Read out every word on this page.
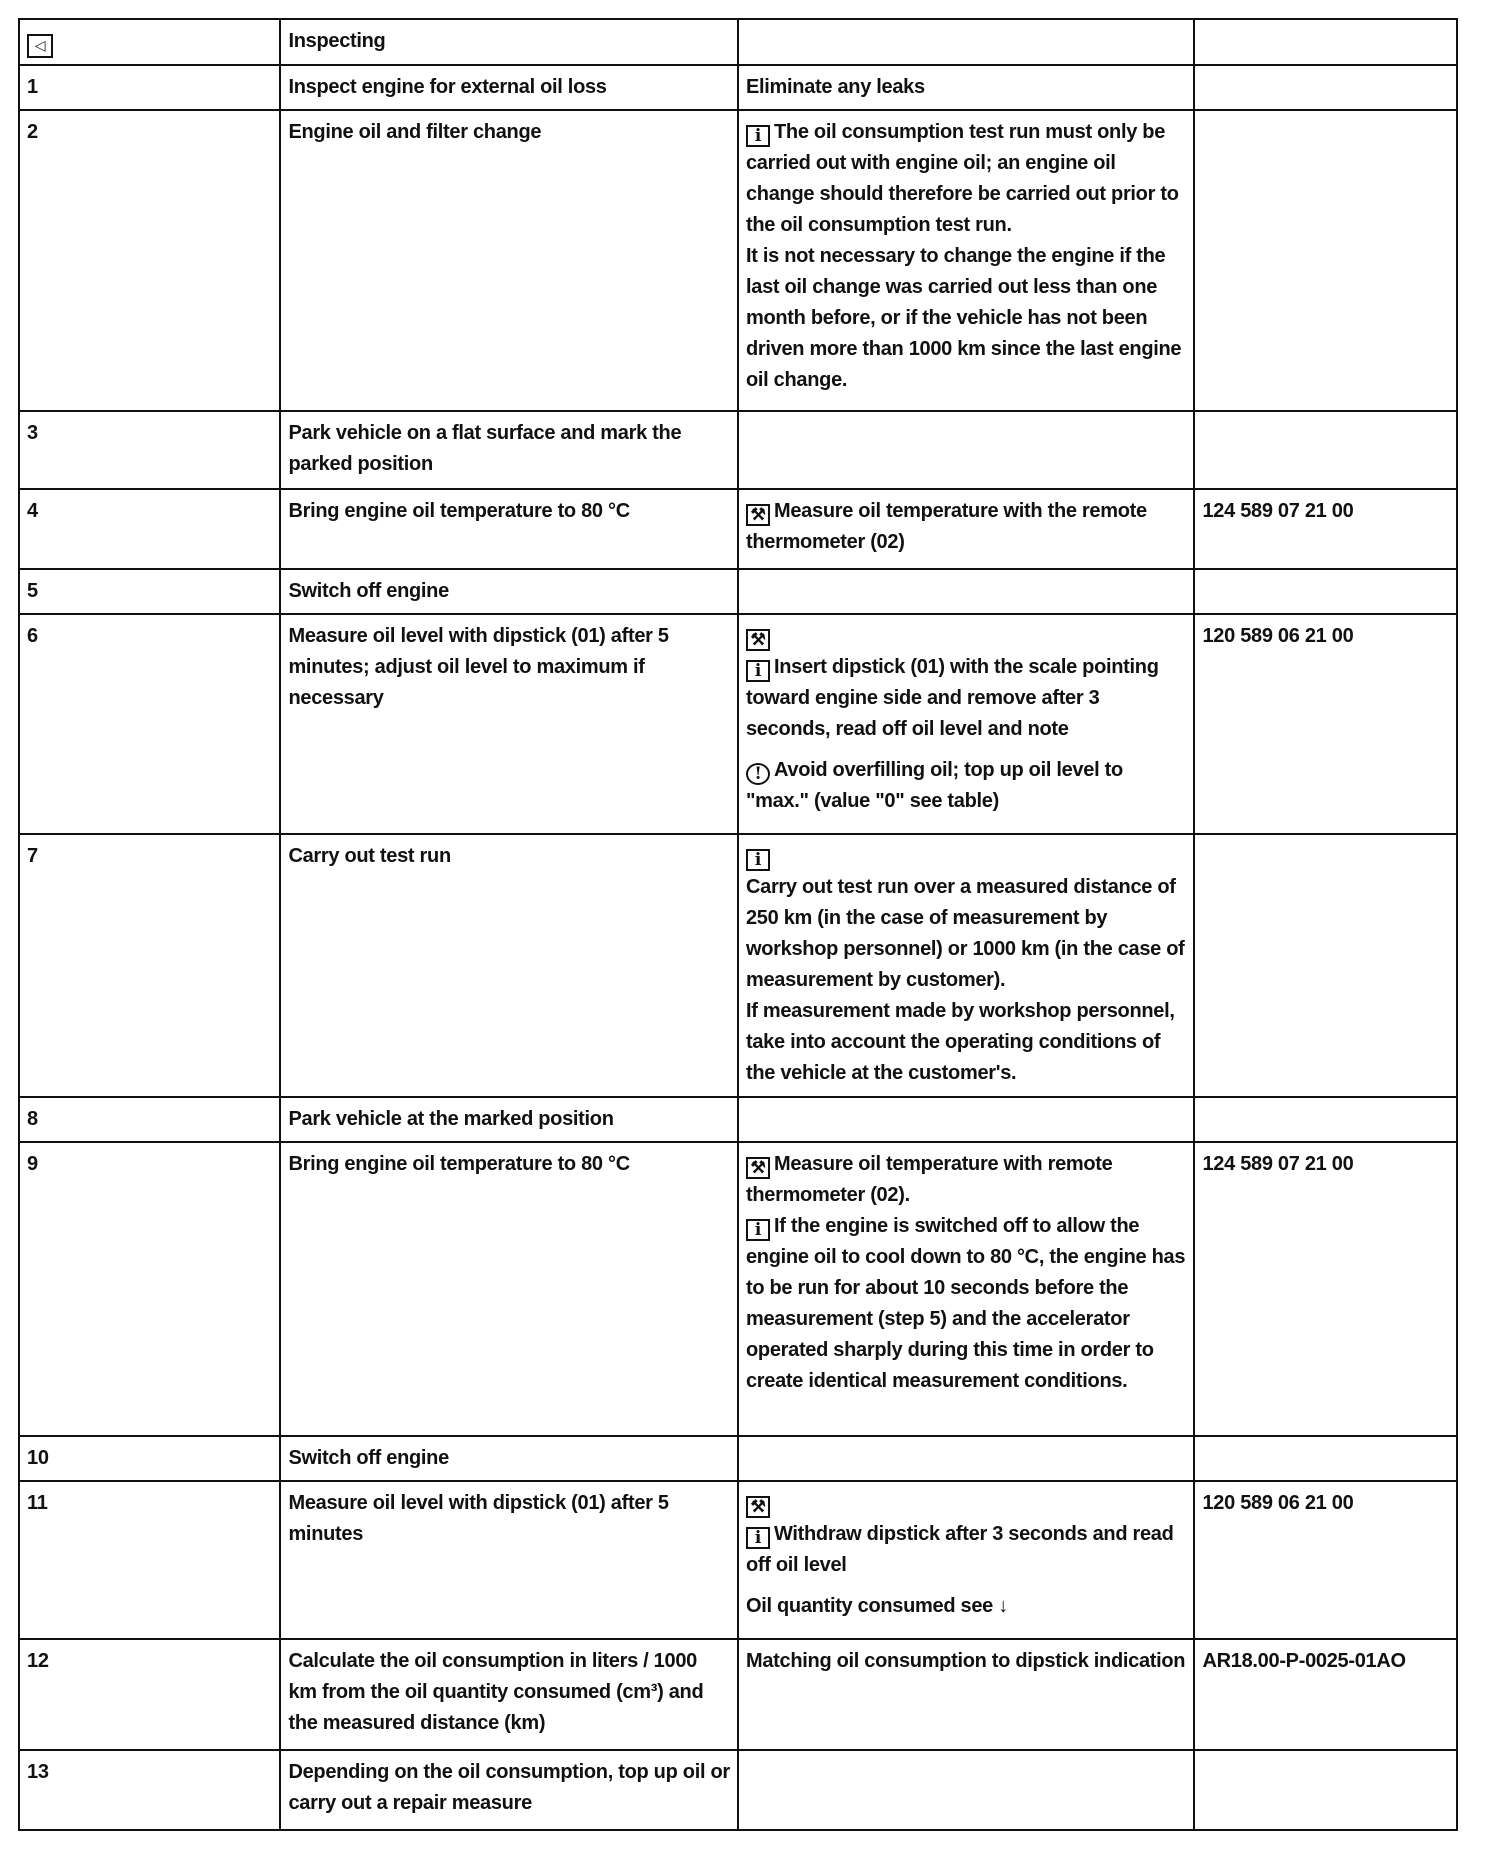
◁	Inspecting		
1	Inspect engine for external oil loss	Eliminate any leaks	
2	Engine oil and filter change	i The oil consumption test run must only be carried out with engine oil; an engine oil change should therefore be carried out prior to the oil consumption test run.
It is not necessary to change the engine if the last oil change was carried out less than one month before, or if the vehicle has not been driven more than 1000 km since the last engine oil change.	

3	Park vehicle on a flat surface and mark the parked position		
4	Bring engine oil temperature to 80 °C	⚒ Measure oil temperature with the remote thermometer (02)	124 589 07 21 00
5	Switch off engine		
6	Measure oil level with dipstick (01) after 5 minutes; adjust oil level to maximum if necessary	⚒
i Insert dipstick (01) with the scale pointing toward engine side and remove after 3 seconds, read off oil level and note
! Avoid overfilling oil; top up oil level to "max." (value "0" see table)	120 589 06 21 00
7	Carry out test run	i
Carry out test run over a measured distance of 250 km (in the case of measurement by workshop personnel) or 1000 km (in the case of measurement by customer).
If measurement made by workshop personnel, take into account the operating conditions of the vehicle at the customer's.	

8	Park vehicle at the marked position		
9	Bring engine oil temperature to 80 °C	⚒ Measure oil temperature with remote thermometer (02).
i If the engine is switched off to allow the engine oil to cool down to 80 °C, the engine has to be run for about 10 seconds before the measurement (step 5) and the accelerator operated sharply during this time in order to create identical measurement conditions.	124 589 07 21 00
10	Switch off engine		
11	Measure oil level with dipstick (01) after 5 minutes	⚒
i Withdraw dipstick after 3 seconds and read off oil level
Oil quantity consumed see ↓	120 589 06 21 00
12	Calculate the oil consumption in liters / 1000 km from the oil quantity consumed (cm³) and the measured distance (km)	Matching oil consumption to dipstick indication	AR18.00-P-0025-01AO
13	Depending on the oil consumption, top up oil or carry out a repair measure		
